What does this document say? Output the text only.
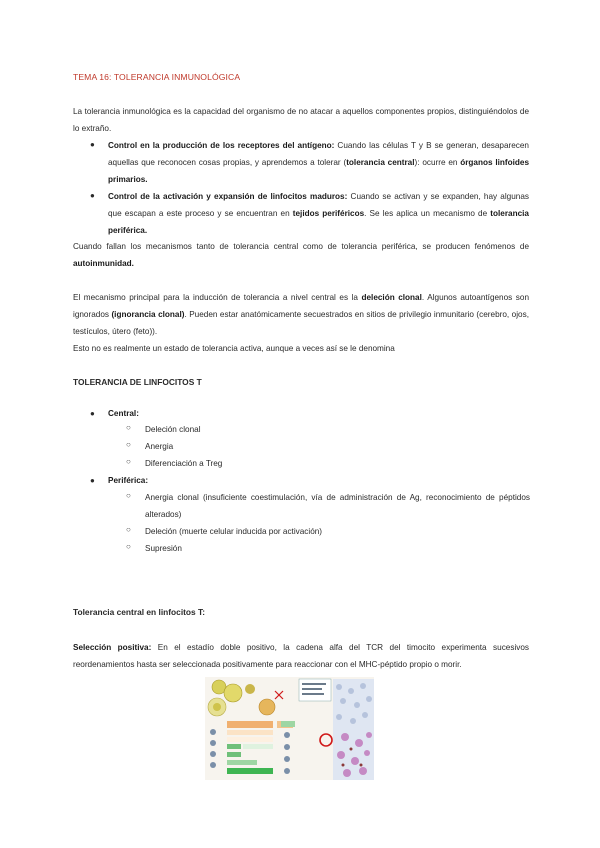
TEMA 16: TOLERANCIA INMUNOLÓGICA
La tolerancia inmunológica es la capacidad del organismo de no atacar a aquellos componentes propios, distinguiéndolos de lo extraño.
● Control en la producción de los receptores del antígeno: Cuando las células T y B se generan, desaparecen aquellas que reconocen cosas propias, y aprendemos a tolerar (tolerancia central): ocurre en órganos linfoides primarios.
● Control de la activación y expansión de linfocitos maduros: Cuando se activan y se expanden, hay algunas que escapan a este proceso y se encuentran en tejidos periféricos. Se les aplica un mecanismo de tolerancia periférica.
Cuando fallan los mecanismos tanto de tolerancia central como de tolerancia periférica, se producen fenómenos de autoinmunidad.
El mecanismo principal para la inducción de tolerancia a nivel central es la deleción clonal. Algunos autoantígenos son ignorados (ignorancia clonal). Pueden estar anatómicamente secuestrados en sitios de privilegio inmunitario (cerebro, ojos, testículos, útero (feto)).
Esto no es realmente un estado de tolerancia activa, aunque a veces así se le denomina
TOLERANCIA DE LINFOCITOS T
● Central:
○ Deleción clonal
○ Anergia
○ Diferenciación a Treg
● Periférica:
○ Anergia clonal (insuficiente coestimulación, vía de administración de Ag, reconocimiento de péptidos alterados)
○ Deleción (muerte celular inducida por activación)
○ Supresión
Tolerancia central en linfocitos T:
Selección positiva: En el estadío doble positivo, la cadena alfa del TCR del timocito experimenta sucesivos reordenamientos hasta ser seleccionada positivamente para reaccionar con el MHC-péptido propio o morir.
